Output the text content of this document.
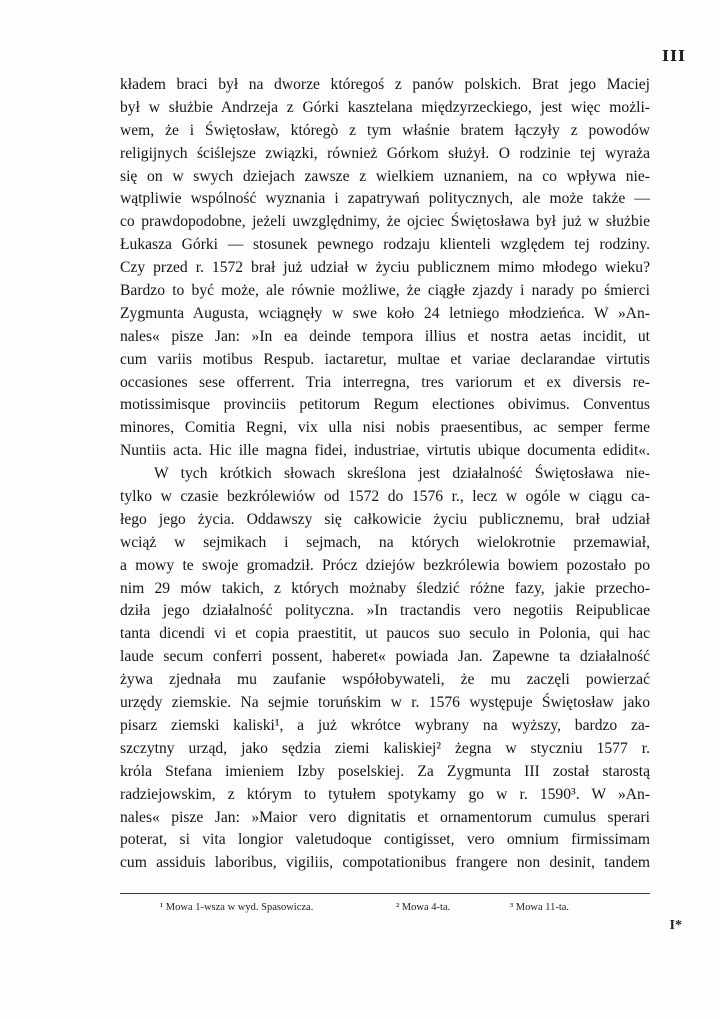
III
kładem braci był na dworze któregoś z panów polskich. Brat jego Maciej
był w służbie Andrzeja z Górki kasztelana międzyrzeckiego, jest więc możli-
wem, że i Świętosław, któregò z tym właśnie bratem łączyły z powodów
religijnych ściślejsze związki, również Górkom służył. O rodzinie tej wyraża
się on w swych dziejach zawsze z wielkiem uznaniem, na co wpływa nie-
wątpliwie wspólność wyznania i zapatrywań politycznych, ale może także —
co prawdopodobne, jeżeli uwzględnimy, że ojciec Świętosława był już w służbie
Łukasza Górki — stosunek pewnego rodzaju klienteli względem tej rodziny.
Czy przed r. 1572 brał już udział w życiu publicznem mimo młodego wieku?
Bardzo to być może, ale równie możliwe, że ciągłe zjazdy i narady po śmierci
Zygmunta Augusta, wciągnęły w swe koło 24 letniego młodzieńca. W »An-
nales« pisze Jan: »In ea deinde tempora illius et nostra aetas incidit, ut
cum variis motibus Respub. iactaretur, multae et variae declarandae virtutis
occasiones sese offerrent. Tria interregna, tres variorum et ex diversis re-
motissimisque provinciis petitorum Regum electiones obivimus. Conventus
minores, Comitia Regni, vix ulla nisi nobis praesentibus, ac semper ferme
Nuntiis acta. Hic ille magna fidei, industriae, virtutis ubique documenta edidit«.
W tych krótkich słowach skreślona jest działalność Świętosława nie-
tylko w czasie bezkrólewiów od 1572 do 1576 r., lecz w ogóle w ciągu ca-
łego jego życia. Oddawszy się całkowicie życiu publicznemu, brał udział
wciąż w sejmikach i sejmach, na których wielokrotnie przemawiał,
a mowy te swoje gromadził. Prócz dziejów bezkrólewia bowiem pozostało po
nim 29 mów takich, z których możnaby śledzić różne fazy, jakie przecho-
dziła jego działalność polityczna. »In tractandis vero negotiis Reipublicae
tanta dicendi vi et copia praestitit, ut paucos suo seculo in Polonia, qui hac
laude secum conferri possent, haberet« powiada Jan. Zapewne ta działalność
żywa zjednała mu zaufanie współobywateli, że mu zaczęli powierzać
urzędy ziemskie. Na sejmie toruńskim w r. 1576 występuje Świętosław jako
pisarz ziemski kaliski¹, a już wkrótce wybrany na wyższy, bardzo za-
szczytny urząd, jako sędzia ziemi kaliskiej² żegna w styczniu 1577 r.
króla Stefana imieniem Izby poselskiej. Za Zygmunta III został starostą
radziejowskim, z którym to tytułem spotykamy go w r. 1590³. W »An-
nales« pisze Jan: »Maior vero dignitatis et ornamentorum cumulus sperari
poterat, si vita longior valetudoque contigisset, vero omnium firmissimam
cum assiduis laboribus, vigiliis, compotationibus frangere non desinit, tandem
¹ Mowa 1-wsza w wyd. Spasowicza.	² Mowa 4-ta.	³ Mowa 11-ta.
I*
